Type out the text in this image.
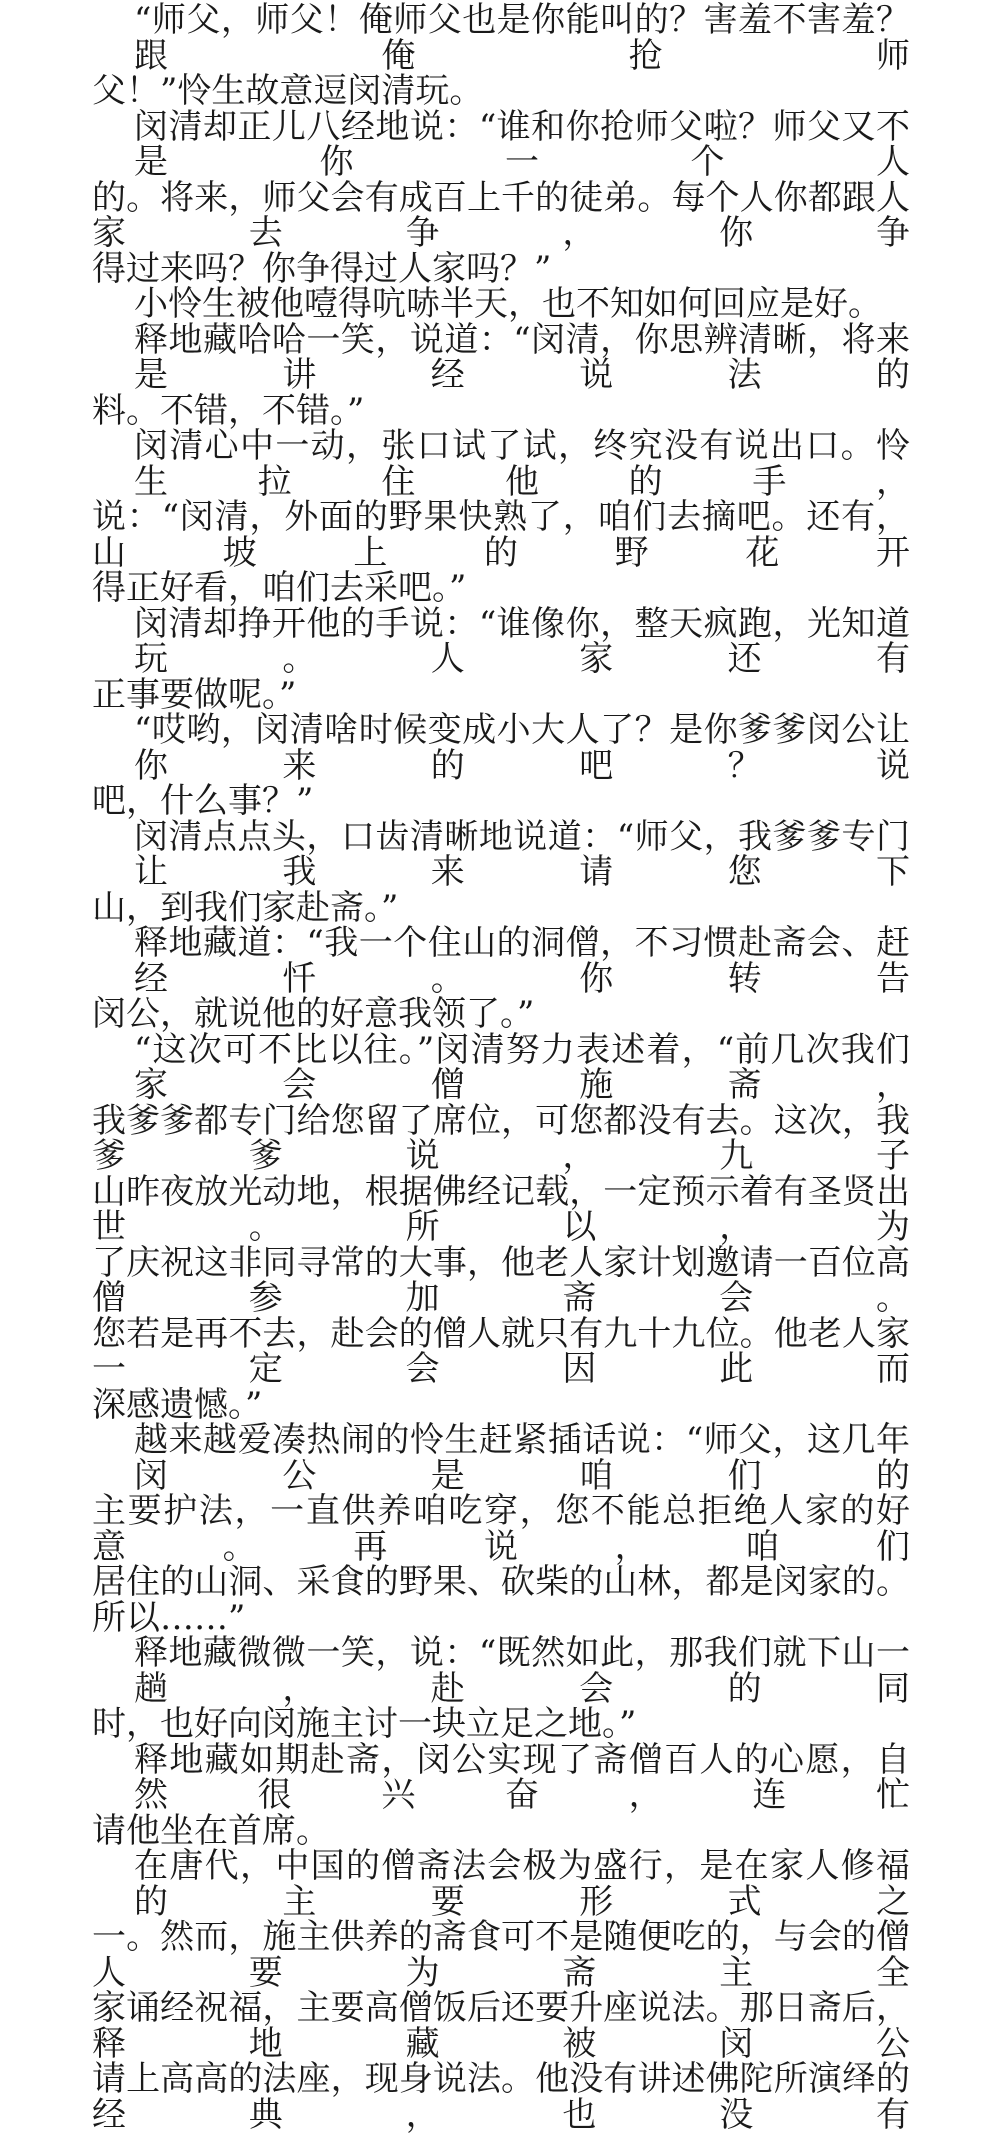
“师父，师父！俺师父也是你能叫的？害羞不害羞？跟俺抢师
父！”怜生故意逗闵清玩。
闵清却正儿八经地说：“谁和你抢师父啦？师父又不是你一个人
的。将来，师父会有成百上千的徒弟。每个人你都跟人家去争，你争
得过来吗？你争得过人家吗？”
小怜生被他噎得吭哧半天，也不知如何回应是好。
释地藏哈哈一笑，说道：“闵清，你思辨清晰，将来是讲经说法的
料。不错，不错。”
闵清心中一动，张口试了试，终究没有说出口。怜生拉住他的手，
说：“闵清，外面的野果快熟了，咱们去摘吧。还有，山坡上的野花开
得正好看，咱们去采吧。”
闵清却挣开他的手说：“谁像你，整天疯跑，光知道玩。人家还有
正事要做呢。”
“哎哟，闵清啥时候变成小大人了？是你爹爹闵公让你来的吧？说
吧，什么事？”
闵清点点头，口齿清晰地说道：“师父，我爹爹专门让我来请您下
山，到我们家赴斋。”
释地藏道：“我一个住山的洞僧，不习惯赴斋会、赶经忏。你转告
闵公，就说他的好意我领了。”
“这次可不比以往。”闵清努力表述着，“前几次我们家会僧施斋，
我爹爹都专门给您留了席位，可您都没有去。这次，我爹爹说，九子
山昨夜放光动地，根据佛经记载，一定预示着有圣贤出世。所以，为
了庆祝这非同寻常的大事，他老人家计划邀请一百位高僧参加斋会。
您若是再不去，赴会的僧人就只有九十九位。他老人家一定会因此而
深感遗憾。”
越来越爱凑热闹的怜生赶紧插话说：“师父，这几年闵公是咱们的
主要护法，一直供养咱吃穿，您不能总拒绝人家的好意。再说，咱们
居住的山洞、采食的野果、砍柴的山林，都是闵家的。所以……”
释地藏微微一笑，说：“既然如此，那我们就下山一趟，赴会的同
时，也好向闵施主讨一块立足之地。”
释地藏如期赴斋，闵公实现了斋僧百人的心愿，自然很兴奋，连忙
请他坐在首席。
在唐代，中国的僧斋法会极为盛行，是在家人修福的主要形式之
一。然而，施主供养的斋食可不是随便吃的，与会的僧人要为斋主全
家诵经祝福，主要高僧饭后还要升座说法。那日斋后，释地藏被闵公
请上高高的法座，现身说法。他没有讲述佛陀所演绎的经典，也没有
